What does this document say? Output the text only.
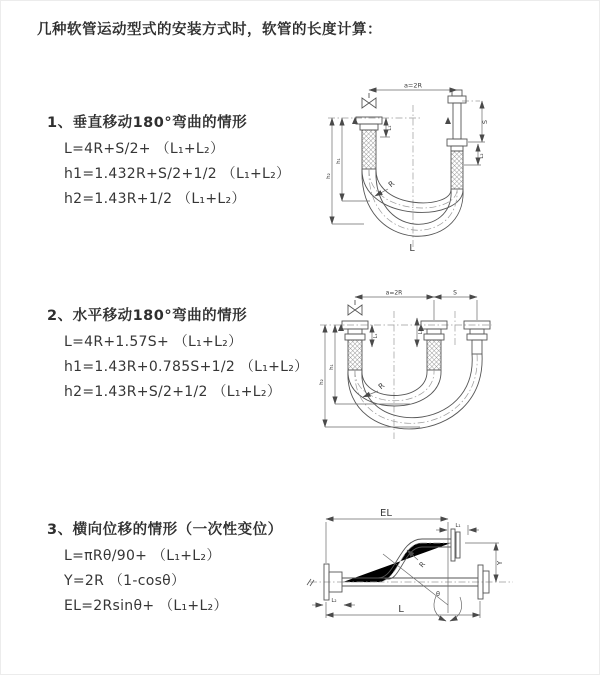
几种软管运动型式的安装方式时，软管的长度计算：
1、垂直移动180°弯曲的情形
L=4R+S/2+ （L₁+L₂）
h1=1.432R+S/2+1/2 （L₁+L₂）
h2=1.43R+1/2 （L₁+L₂）
2、水平移动180°弯曲的情形
L=4R+1.57S+ （L₁+L₂）
h1=1.43R+0.785S+1/2 （L₁+L₂）
h2=1.43R+S/2+1/2 （L₁+L₂）
3、横向位移的情形（一次性变位）
L=πRθ/90+ （L₁+L₂）
Y=2R （1-cosθ）
EL=2Rsinθ+ （L₁+L₂）
a=2R
S
L₂
L₁
h₁
h₂
R
L
a=2R	S
L₁
L₂
h₁
h₂	R
EL
L₁
Y
R
θ
L
L₂
